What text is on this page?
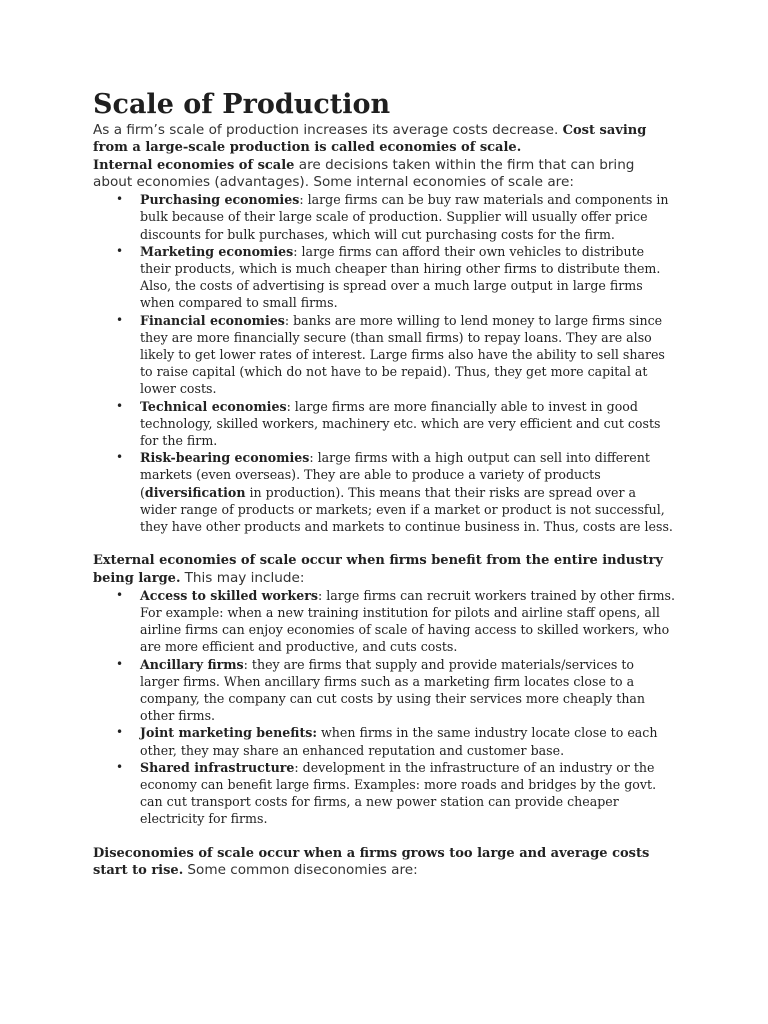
Scale of Production

As a firm’s scale of production increases its average costs decrease. Cost saving from a large-scale production is called economies of scale.

Internal economies of scale are decisions taken within the firm that can bring about economies (advantages). Some internal economies of scale are:

• Purchasing economies: large firms can be buy raw materials and components in bulk because of their large scale of production. Supplier will usually offer price discounts for bulk purchases, which will cut purchasing costs for the firm.
• Marketing economies: large firms can afford their own vehicles to distribute their products, which is much cheaper than hiring other firms to distribute them. Also, the costs of advertising is spread over a much large output in large firms when compared to small firms.
• Financial economies: banks are more willing to lend money to large firms since they are more financially secure (than small firms) to repay loans. They are also likely to get lower rates of interest. Large firms also have the ability to sell shares to raise capital (which do not have to be repaid). Thus, they get more capital at lower costs.
• Technical economies: large firms are more financially able to invest in good technology, skilled workers, machinery etc. which are very efficient and cut costs for the firm.
• Risk-bearing economies: large firms with a high output can sell into different markets (even overseas). They are able to produce a variety of products (diversification in production). This means that their risks are spread over a wider range of products or markets; even if a market or product is not successful, they have other products and markets to continue business in. Thus, costs are less.

External economies of scale occur when firms benefit from the entire industry being large. This may include:

• Access to skilled workers: large firms can recruit workers trained by other firms. For example: when a new training institution for pilots and airline staff opens, all airline firms can enjoy economies of scale of having access to skilled workers, who are more efficient and productive, and cuts costs.
• Ancillary firms: they are firms that supply and provide materials/services to larger firms. When ancillary firms such as a marketing firm locates close to a company, the company can cut costs by using their services more cheaply than other firms.
• Joint marketing benefits: when firms in the same industry locate close to each other, they may share an enhanced reputation and customer base.
• Shared infrastructure: development in the infrastructure of an industry or the economy can benefit large firms. Examples: more roads and bridges by the govt. can cut transport costs for firms, a new power station can provide cheaper electricity for firms.

Diseconomies of scale occur when a firms grows too large and average costs start to rise. Some common diseconomies are:
